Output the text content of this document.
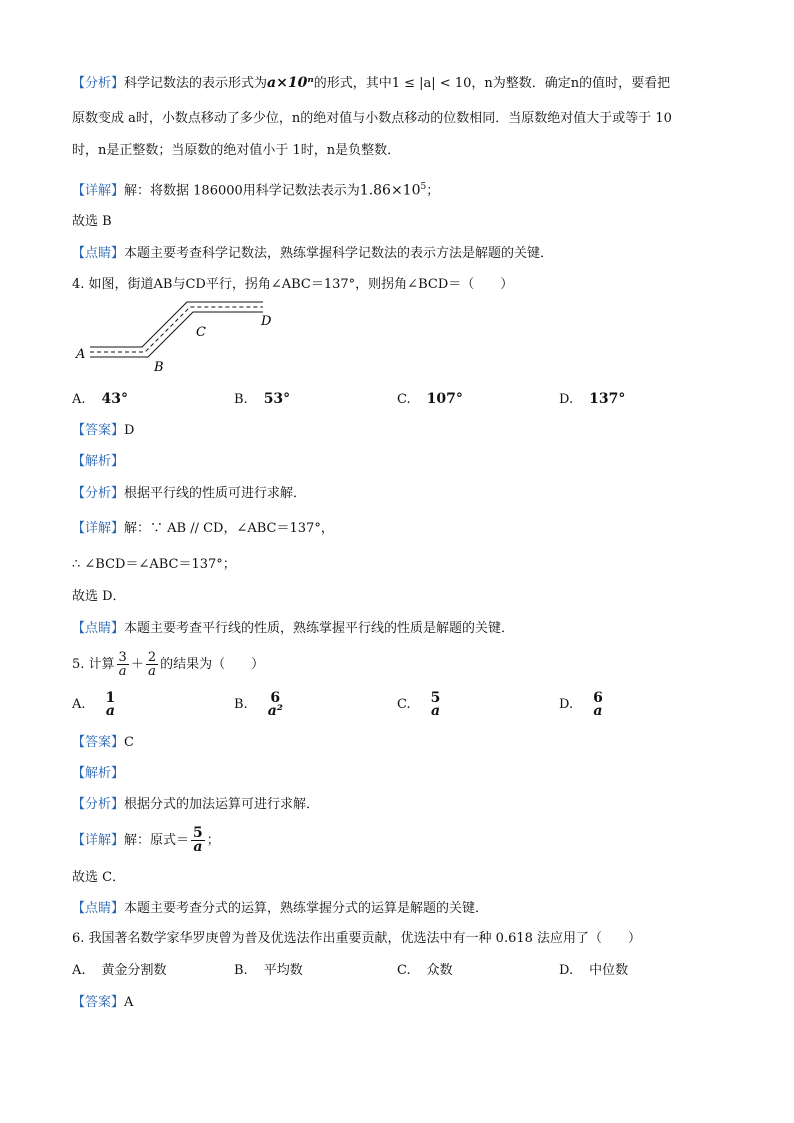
【分析】科学记数法的表示形式为a×10ⁿ的形式，其中1 ≤ |a| < 10，n为整数．确定n的值时，要看把
原数变成 a时，小数点移动了多少位，n的绝对值与小数点移动的位数相同．当原数绝对值大于或等于 10
时，n是正整数；当原数的绝对值小于 1时，n是负整数．
【详解】解：将数据 186000用科学记数法表示为$1.86\times 10^5$；
故选 B
【点睛】本题主要考查科学记数法，熟练掌握科学记数法的表示方法是解题的关键．
4. 如图，街道AB与CD平行，拐角∠ABC＝137°，则拐角∠BCD＝（　　）
A
B
C
D
A. 43°	B. 53°	C. 107°	D. 137°
【答案】D
【解析】
【分析】根据平行线的性质可进行求解．
【详解】解：∵ AB // CD，∠ABC＝137°，
∴ ∠BCD＝∠ABC＝137°；
故选 D．
【点睛】本题主要考查平行线的性质，熟练掌握平行线的性质是解题的关键．
5. 计算 $\frac{3}{a} + \frac{2}{a}$ 的结果为（　　）
A. 1
a	B.	6
a²	C. 5
a	D. 6
a
【答案】C
【解析】
【分析】根据分式的加法运算可进行求解．
【详解】解：原式＝ $\frac{5}{a}$ ；
故选 C．
【点睛】本题主要考查分式的运算，熟练掌握分式的运算是解题的关键．
6. 我国著名数学家华罗庚曾为普及优选法作出重要贡献，优选法中有一种 0.618 法应用了（　　）
A. 黄金分割数	B. 平均数	C. 众数	D. 中位数
【答案】A
